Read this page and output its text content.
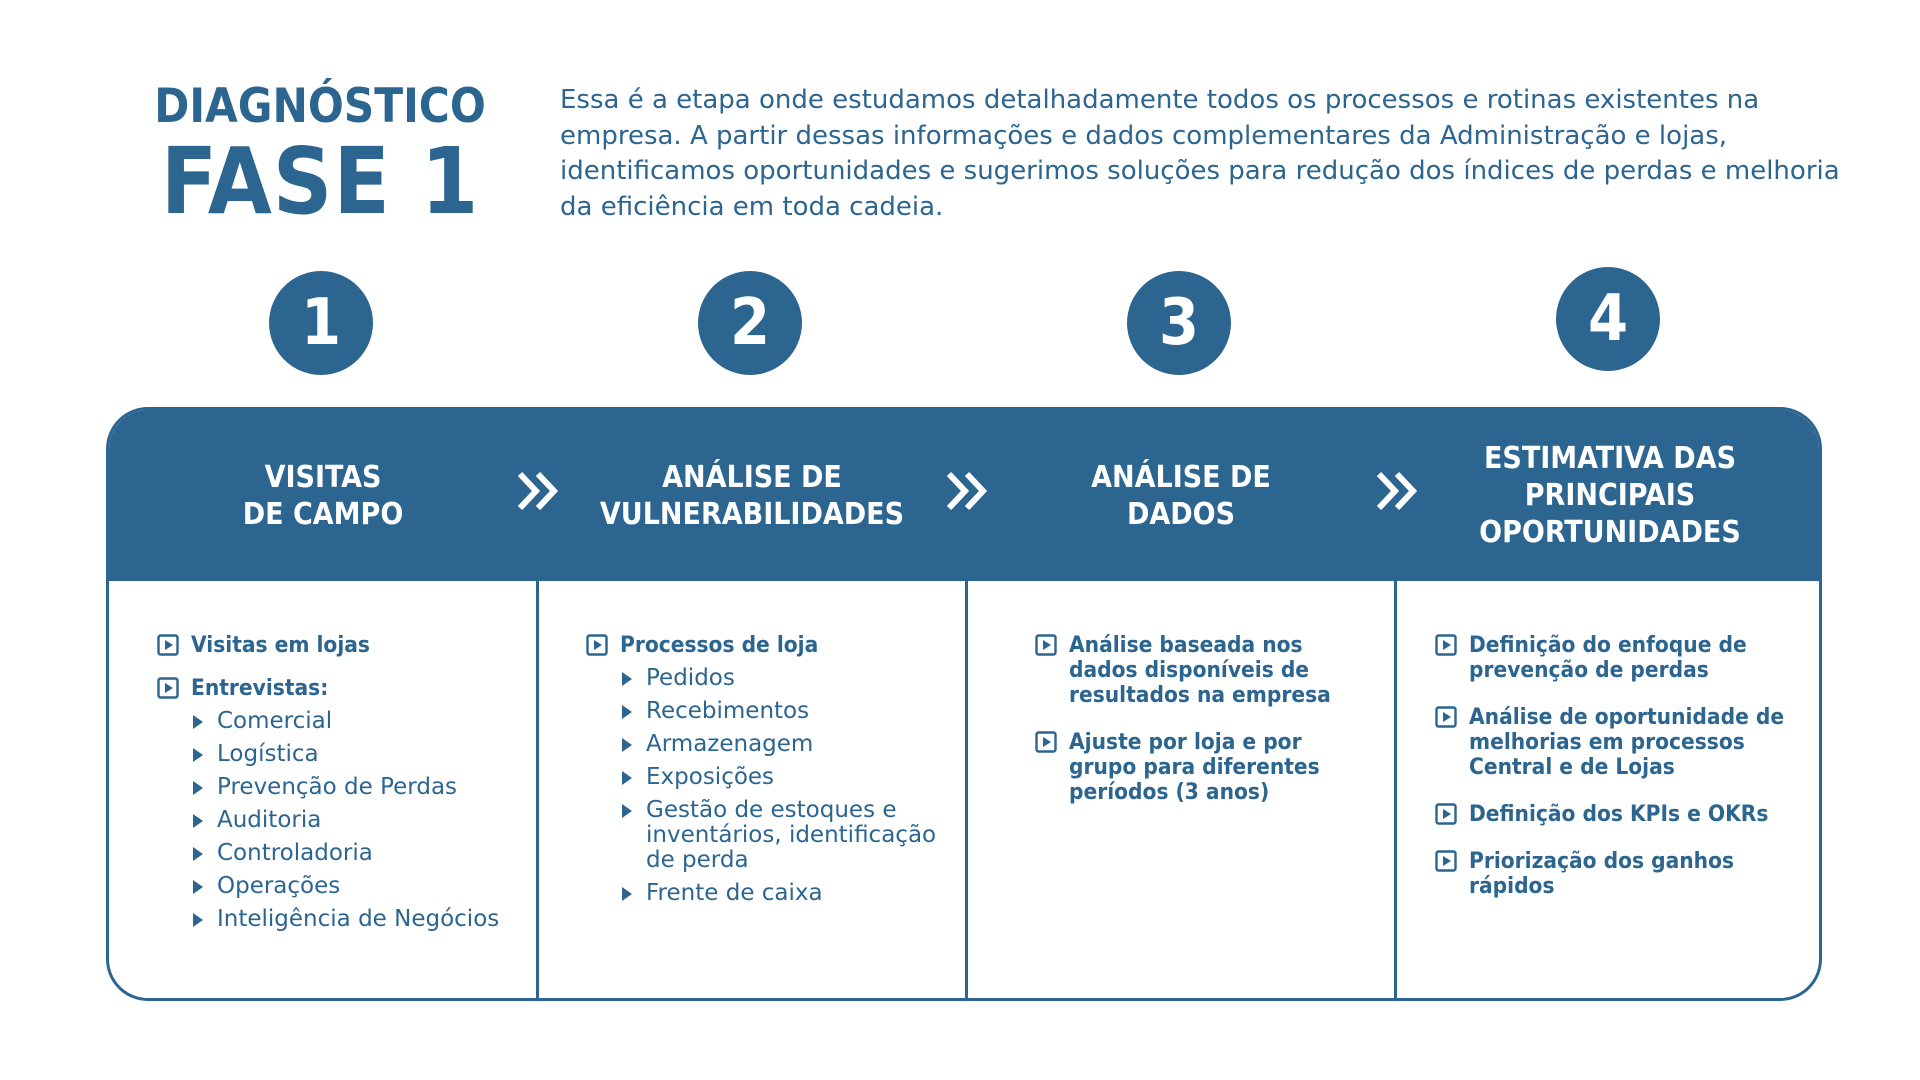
DIAGNÓSTICO
FASE 1
Essa é a etapa onde estudamos detalhadamente todos os processos e rotinas existentes na empresa. A partir dessas informações e dados complementares da Administração e lojas, identificamos oportunidades e sugerimos soluções para redução dos índices de perdas e melhoria da eficiência em toda cadeia.
1	2	3	4
VISITAS
DE CAMPO
ANÁLISE DE
VULNERABILIDADES
ANÁLISE DE
DADOS
ESTIMATIVA DAS
PRINCIPAIS
OPORTUNIDADES
Visitas em lojas
Entrevistas:
Comercial
Logística
Prevenção de Perdas
Auditoria
Controladoria
Operações
Inteligência de Negócios
Processos de loja
Pedidos
Recebimentos
Armazenagem
Exposições
Gestão de estoques e inventários, identificação de perda
Frente de caixa
Análise baseada nos dados disponíveis de resultados na empresa
Ajuste por loja e por grupo para diferentes períodos (3 anos)
Definição do enfoque de prevenção de perdas
Análise de oportunidade de melhorias em processos Central e de Lojas
Definição dos KPIs e OKRs
Priorização dos ganhos rápidos
